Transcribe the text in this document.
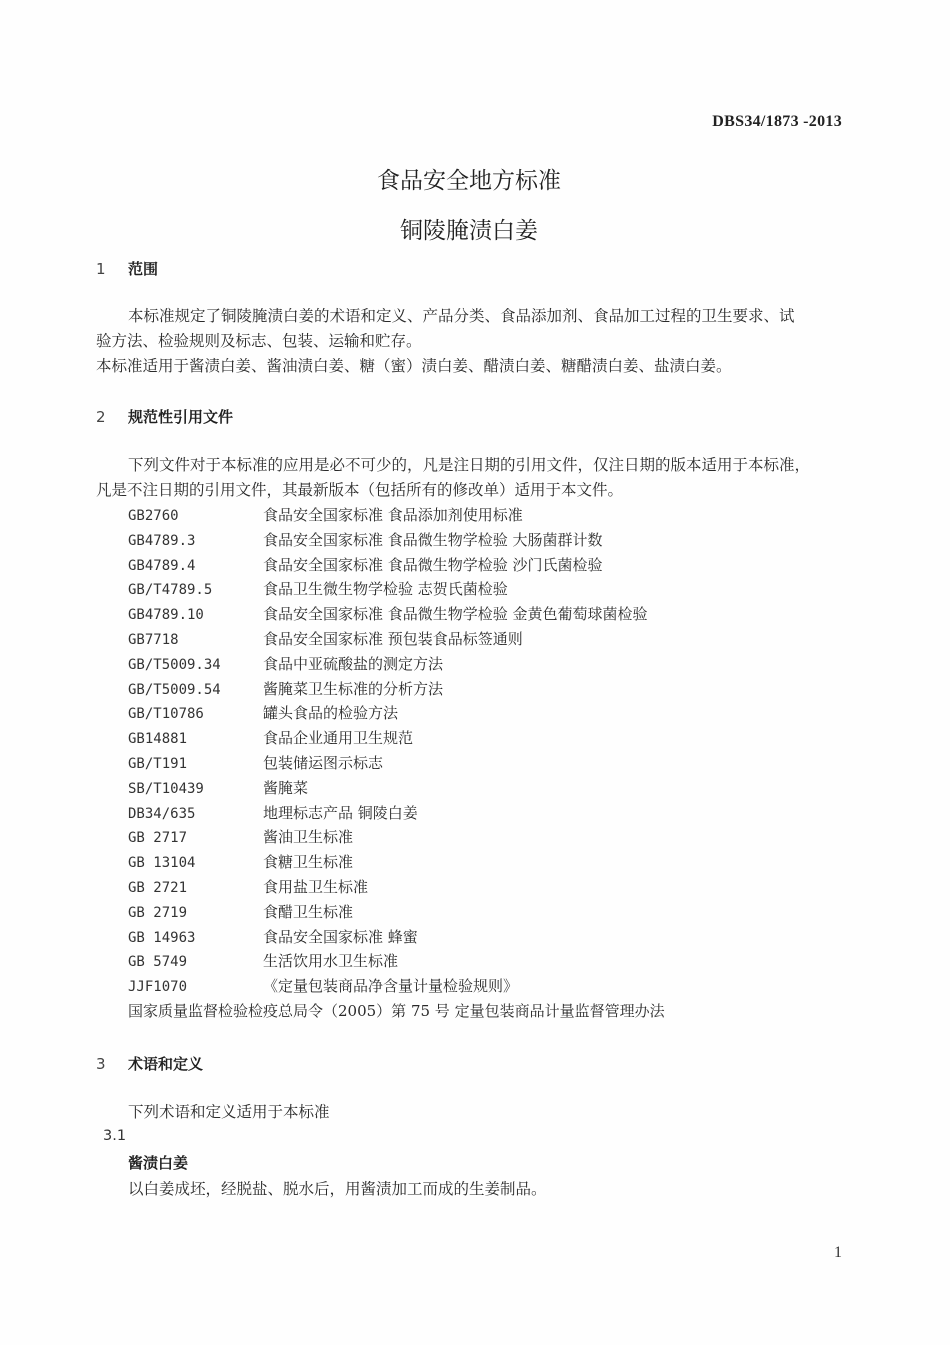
DBS34/1873 -2013
食品安全地方标准
铜陵腌渍白姜
1 范围
本标准规定了铜陵腌渍白姜的术语和定义、产品分类、食品添加剂、食品加工过程的卫生要求、试
验方法、检验规则及标志、包装、运输和贮存。
本标准适用于酱渍白姜、酱油渍白姜、糖（蜜）渍白姜、醋渍白姜、糖醋渍白姜、盐渍白姜。
2 规范性引用文件
下列文件对于本标准的应用是必不可少的，凡是注日期的引用文件，仅注日期的版本适用于本标准，
凡是不注日期的引用文件，其最新版本（包括所有的修改单）适用于本文件。
GB2760	食品安全国家标准 食品添加剂使用标准
GB4789.3	食品安全国家标准 食品微生物学检验 大肠菌群计数
GB4789.4	食品安全国家标准 食品微生物学检验 沙门氏菌检验
GB/T4789.5	食品卫生微生物学检验 志贺氏菌检验
GB4789.10	食品安全国家标准 食品微生物学检验 金黄色葡萄球菌检验
GB7718	食品安全国家标准 预包装食品标签通则
GB/T5009.34	食品中亚硫酸盐的测定方法
GB/T5009.54	酱腌菜卫生标准的分析方法
GB/T10786	罐头食品的检验方法
GB14881	食品企业通用卫生规范
GB/T191	包装储运图示标志
SB/T10439	酱腌菜
DB34/635	地理标志产品 铜陵白姜
GB 2717	酱油卫生标准
GB 13104	食糖卫生标准
GB 2721	食用盐卫生标准
GB 2719	食醋卫生标准
GB 14963	食品安全国家标准 蜂蜜
GB 5749	生活饮用水卫生标准
JJF1070	《定量包装商品净含量计量检验规则》
国家质量监督检验检疫总局令（2005）第 75 号 定量包装商品计量监督管理办法
3 术语和定义
下列术语和定义适用于本标准
3.1
酱渍白姜
以白姜成坯，经脱盐、脱水后，用酱渍加工而成的生姜制品。
1
